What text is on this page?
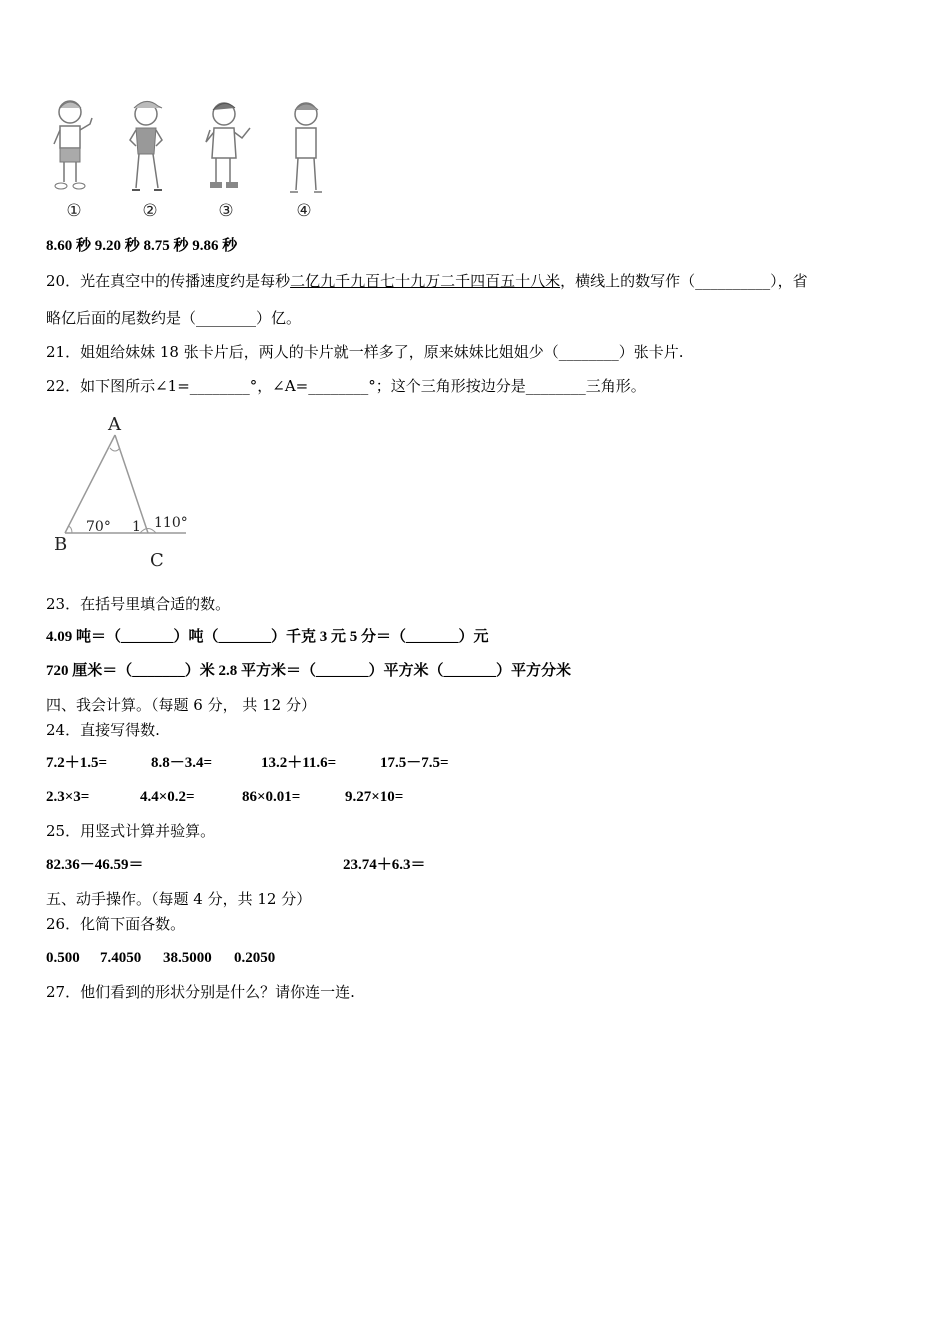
①	②	③	④
8.60 秒 9.20 秒 8.75 秒 9.86 秒
20．光在真空中的传播速度约是每秒二亿九千九百七十九万二千四百五十八米，横线上的数写作（__________），省
略亿后面的尾数约是（________）亿。
21．姐姐给妹妹 18 张卡片后，两人的卡片就一样多了，原来妹妹比姐姐少（________）张卡片.
22．如下图所示∠1=________°，∠A=________°；这个三角形按边分是________三角形。
A
B
C
70° 1 110°
23．在括号里填合适的数。
4.09 吨＝（_______）吨（_______）千克 3 元 5 分＝（_______）元
720 厘米＝（_______）米 2.8 平方米＝（_______）平方米（_______）平方分米
四、我会计算。（每题 6 分， 共 12 分）
24．直接写得数.
7.2＋1.5=	8.8－3.4=	13.2＋11.6=	17.5－7.5=
2.3×3=	4.4×0.2=	86×0.01=	9.27×10=
25．用竖式计算并验算。
82.36－46.59＝	23.74＋6.3＝
五、动手操作。（每题 4 分，共 12 分）
26．化简下面各数。
0.500 7.4050 38.5000 0.2050
27．他们看到的形状分别是什么？请你连一连.
